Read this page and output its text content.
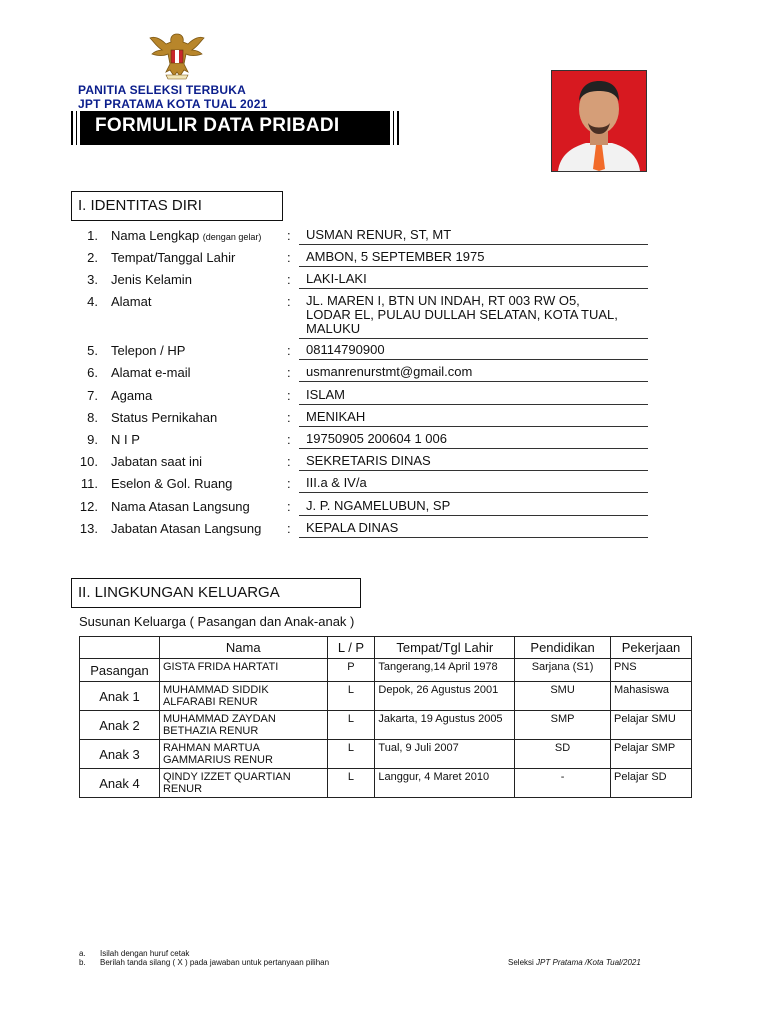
PANITIA SELEKSI TERBUKA
JPT PRATAMA KOTA TUAL 2021
FORMULIR DATA PRIBADI
I. IDENTITAS DIRI
1. Nama Lengkap (dengan gelar) : USMAN RENUR, ST, MT
2. Tempat/Tanggal Lahir	: AMBON, 5 SEPTEMBER 1975
3. Jenis Kelamin	: LAKI-LAKI
4. Alamat	: JL. MAREN I, BTN UN INDAH, RT 003 RW O5,
LODAR EL, PULAU DULLAH SELATAN, KOTA TUAL,
MALUKU
5. Telepon / HP	: 08114790900
6. Alamat e-mail	: usmanrenurstmt@gmail.com
7. Agama	: ISLAM
8. Status Pernikahan	: MENIKAH
9. N I P	: 19750905 200604 1 006
10. Jabatan saat ini	: SEKRETARIS DINAS
11. Eselon & Gol. Ruang	: III.a & IV/a
12. Nama Atasan Langsung	: J. P. NGAMELUBUN, SP
13. Jabatan Atasan Langsung : KEPALA DINAS
II. LINGKUNGAN KELUARGA
Susunan Keluarga ( Pasangan dan Anak-anak )
	Nama	L / P	Tempat/Tgl Lahir	Pendidikan	Pekerjaan
Pasangan	GISTA FRIDA HARTATI	P	Tangerang,14 April 1978	Sarjana (S1)	PNS
Anak 1	MUHAMMAD SIDDIK ALFARABI RENUR	L	Depok, 26 Agustus 2001	SMU	Mahasiswa
Anak 2	MUHAMMAD ZAYDAN BETHAZIA RENUR	L	Jakarta, 19 Agustus 2005	SMP	Pelajar SMU
Anak 3	RAHMAN MARTUA GAMMARIUS RENUR	L	Tual, 9 Juli 2007	SD	Pelajar SMP
Anak 4	QINDY IZZET QUARTIAN RENUR	L	Langgur, 4 Maret 2010	-	Pelajar SD
a. Isilah dengan huruf cetak
b. Berilah tanda silang ( X ) pada jawaban untuk pertanyaan pilihan	Seleksi JPT Pratama /Kota Tual/2021
